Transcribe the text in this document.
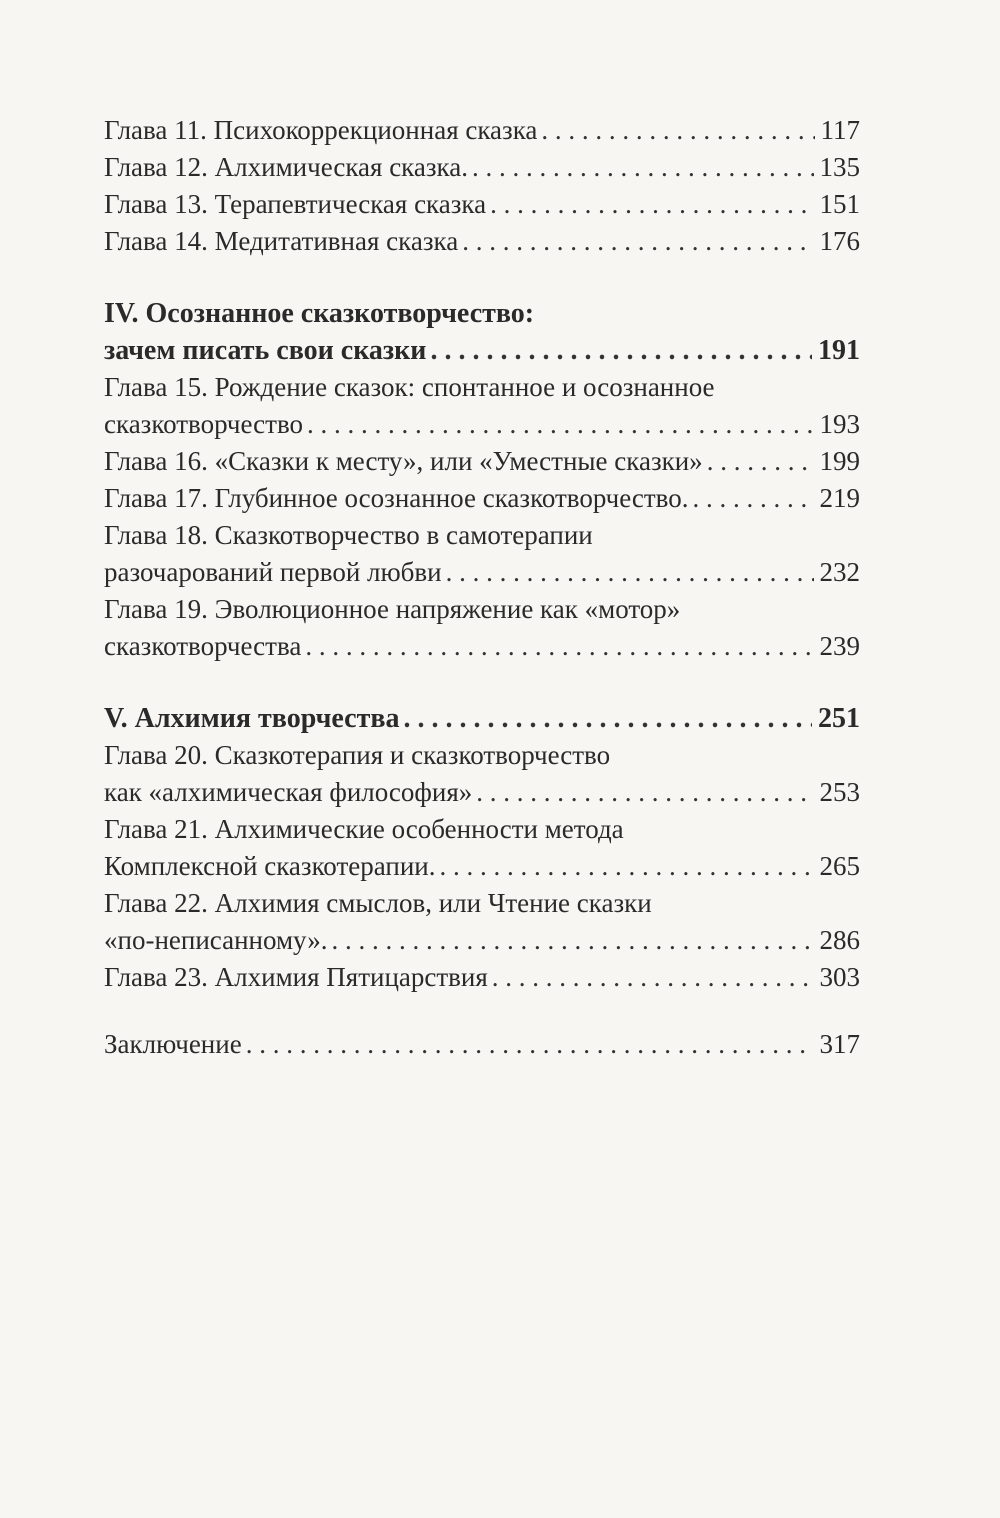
Глава 11. Психокоррекционная сказка . . .	117
Глава 12. Алхимическая сказка. . . .	135
Глава 13. Терапевтическая сказка . . .	151
Глава 14. Медитативная сказка . . .	176
IV. Осознанное сказкотворчество:
зачем писать свои сказки . . .	191
Глава 15. Рождение сказок: спонтанное и осознанное
сказкотворчество . . .	193
Глава 16. «Сказки к месту», или «Уместные сказки» . . .	199
Глава 17. Глубинное осознанное сказкотворчество. . . .	219
Глава 18. Сказкотворчество в самотерапии
разочарований первой любви . . .	232
Глава 19. Эволюционное напряжение как «мотор»
сказкотворчества . . .	239
V. Алхимия творчества . . .	251
Глава 20. Сказкотерапия и сказкотворчество
как «алхимическая философия» . . .	253
Глава 21. Алхимические особенности метода
Комплексной сказкотерапии. . . .	265
Глава 22. Алхимия смыслов, или Чтение сказки
«по-неписанному». . . .	286
Глава 23. Алхимия Пятицарствия . . .	303
Заключение . . .	317
